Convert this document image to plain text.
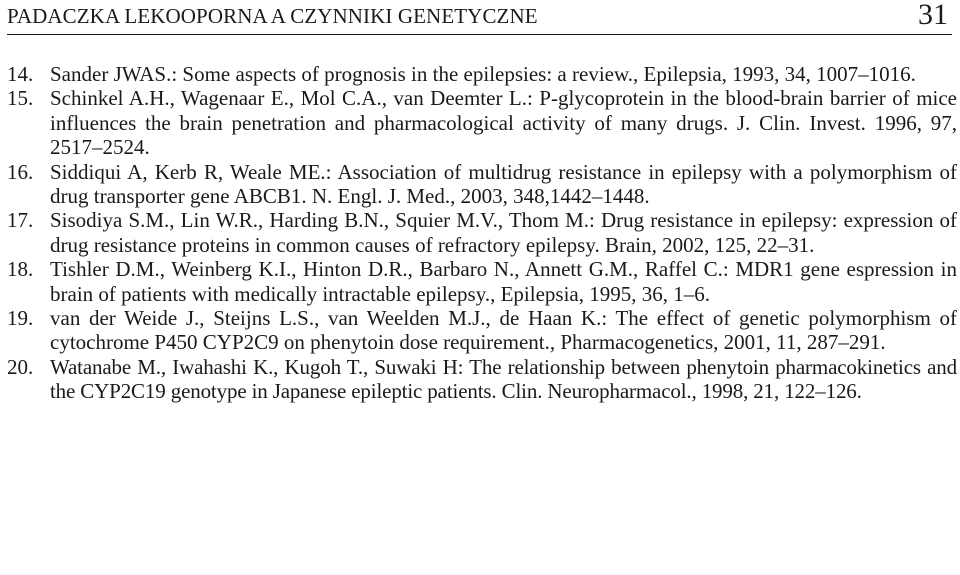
PADACZKA LEKOOPORNA A CZYNNIKI GENETYCZNE	31
14. Sander JWAS.: Some aspects of prognosis in the epilepsies: a review., Epilepsia, 1993, 34, 1007–1016.
15. Schinkel A.H., Wagenaar E., Mol C.A., van Deemter L.: P-glycoprotein in the blood-brain barrier of mice influences the brain penetration and pharmacological activity of many drugs. J. Clin. Invest. 1996, 97, 2517–2524.
16. Siddiqui A, Kerb R, Weale ME.: Association of multidrug resistance in epilepsy with a polymorphism of drug transporter gene ABCB1. N. Engl. J. Med., 2003, 348,1442–1448.
17. Sisodiya S.M., Lin W.R., Harding B.N., Squier M.V., Thom M.: Drug resistance in epilepsy: expression of drug resistance proteins in common causes of refractory epilepsy. Brain, 2002, 125, 22–31.
18. Tishler D.M., Weinberg K.I., Hinton D.R., Barbaro N., Annett G.M., Raffel C.: MDR1 gene espression in brain of patients with medically intractable epilepsy., Epilepsia, 1995, 36, 1–6.
19. van der Weide J., Steijns L.S., van Weelden M.J., de Haan K.: The effect of genetic polymorphism of cytochrome P450 CYP2C9 on phenytoin dose requirement., Pharmacogenetics, 2001, 11, 287–291.
20. Watanabe M., Iwahashi K., Kugoh T., Suwaki H: The relationship between phenytoin pharmacokinetics and the CYP2C19 genotype in Japanese epileptic patients. Clin. Neuropharmacol., 1998, 21, 122–126.
